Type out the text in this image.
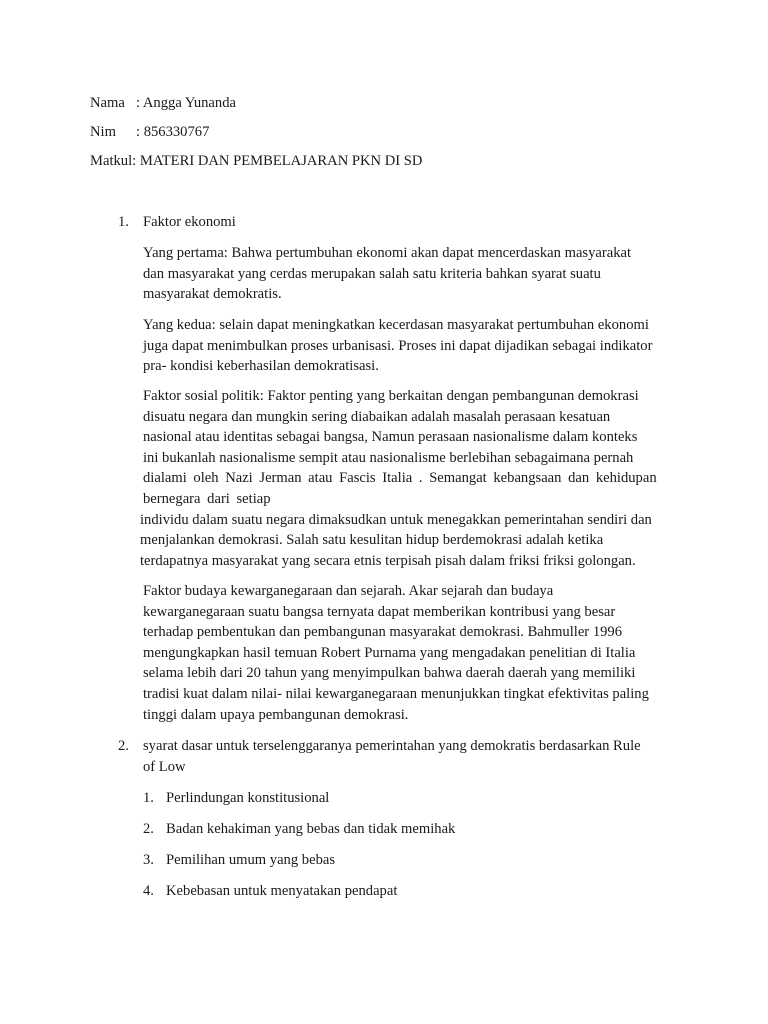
Nama : Angga Yunanda
Nim : 856330767
Matkul: MATERI DAN PEMBELAJARAN PKN DI SD
1. Faktor ekonomi
Yang pertama: Bahwa pertumbuhan ekonomi akan dapat mencerdaskan masyarakat
dan masyarakat yang cerdas merupakan salah satu kriteria bahkan syarat suatu
masyarakat demokratis.
Yang kedua: selain dapat meningkatkan kecerdasan masyarakat pertumbuhan ekonomi
juga dapat menimbulkan proses urbanisasi. Proses ini dapat dijadikan sebagai indikator
pra- kondisi keberhasilan demokratisasi.
Faktor sosial politik: Faktor penting yang berkaitan dengan pembangunan demokrasi
disuatu negara dan mungkin sering diabaikan adalah masalah perasaan kesatuan
nasional atau identitas sebagai bangsa, Namun perasaan nasionalisme dalam konteks
ini bukanlah nasionalisme sempit atau nasionalisme berlebihan sebagaimana pernah
dialami oleh Nazi Jerman atau Fascis Italia . Semangat kebangsaan dan kehidupan
bernegara dari setiap
individu dalam suatu negara dimaksudkan untuk menegakkan pemerintahan sendiri dan
menjalankan demokrasi. Salah satu kesulitan hidup berdemokrasi adalah ketika
terdapatnya masyarakat yang secara etnis terpisah pisah dalam friksi friksi golongan.
Faktor budaya kewarganegaraan dan sejarah. Akar sejarah dan budaya
kewarganegaraan suatu bangsa ternyata dapat memberikan kontribusi yang besar
terhadap pembentukan dan pembangunan masyarakat demokrasi. Bahmuller 1996
mengungkapkan hasil temuan Robert Purnama yang mengadakan penelitian di Italia
selama lebih dari 20 tahun yang menyimpulkan bahwa daerah daerah yang memiliki
tradisi kuat dalam nilai- nilai kewarganegaraan menunjukkan tingkat efektivitas paling
tinggi dalam upaya pembangunan demokrasi.
2. syarat dasar untuk terselenggaranya pemerintahan yang demokratis berdasarkan Rule
of Low
1. Perlindungan konstitusional
2. Badan kehakiman yang bebas dan tidak memihak
3. Pemilihan umum yang bebas
4. Kebebasan untuk menyatakan pendapat
